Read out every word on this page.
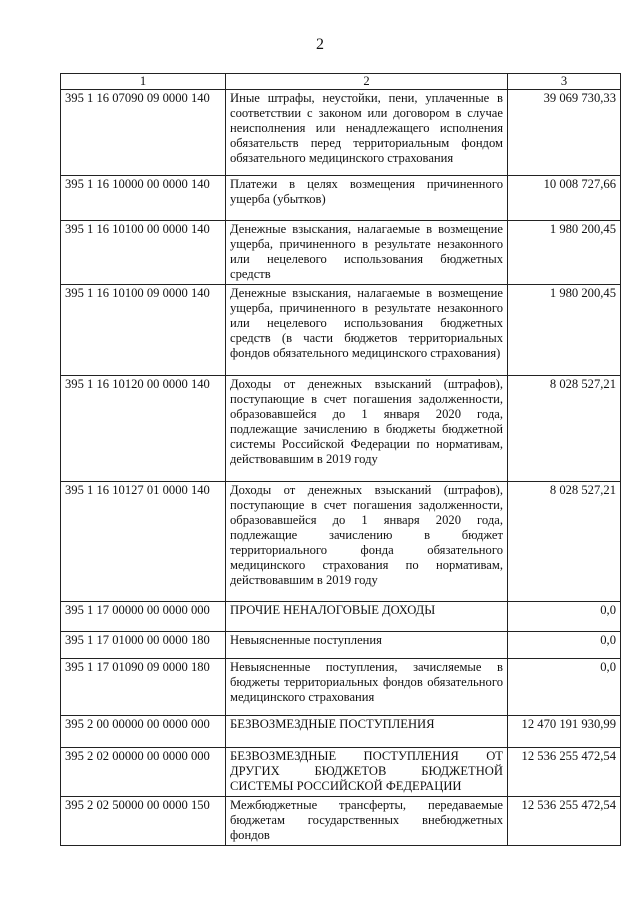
2
1	2	3
395 1 16 07090 09 0000 140	Иные штрафы, неустойки, пени, уплаченные в соответствии с законом или договором в случае неисполнения или ненадлежащего исполнения обязательств перед территориальным фондом обязательного медицинского страхования	39 069 730,33
395 1 16 10000 00 0000 140	Платежи в целях возмещения причиненного ущерба (убытков)	10 008 727,66
395 1 16 10100 00 0000 140	Денежные взыскания, налагаемые в возмещение ущерба, причиненного в результате незаконного или нецелевого использования бюджетных средств	1 980 200,45
395 1 16 10100 09 0000 140	Денежные взыскания, налагаемые в возмещение ущерба, причиненного в результате незаконного или нецелевого использования бюджетных средств (в части бюджетов территориальных фондов обязательного медицинского страхования)	1 980 200,45
395 1 16 10120 00 0000 140	Доходы от денежных взысканий (штрафов), поступающие в счет погашения задолженности, образовавшейся до 1 января 2020 года, подлежащие зачислению в бюджеты бюджетной системы Российской Федерации по нормативам, действовавшим в 2019 году	8 028 527,21
395 1 16 10127 01 0000 140	Доходы от денежных взысканий (штрафов), поступающие в счет погашения задолженности, образовавшейся до 1 января 2020 года, подлежащие зачислению в бюджет территориального фонда обязательного медицинского страхования по нормативам, действовавшим в 2019 году	8 028 527,21
395 1 17 00000 00 0000 000	ПРОЧИЕ НЕНАЛОГОВЫЕ ДОХОДЫ	0,0
395 1 17 01000 00 0000 180	Невыясненные поступления	0,0
395 1 17 01090 09 0000 180	Невыясненные поступления, зачисляемые в бюджеты территориальных фондов обязательного медицинского страхования	0,0
395 2 00 00000 00 0000 000	БЕЗВОЗМЕЗДНЫЕ ПОСТУПЛЕНИЯ	12 470 191 930,99
395 2 02 00000 00 0000 000	БЕЗВОЗМЕЗДНЫЕ ПОСТУПЛЕНИЯ ОТ ДРУГИХ БЮДЖЕТОВ БЮДЖЕТНОЙ СИСТЕМЫ РОССИЙСКОЙ ФЕДЕРАЦИИ	12 536 255 472,54
395 2 02 50000 00 0000 150	Межбюджетные трансферты, передаваемые бюджетам государственных внебюджетных фондов	12 536 255 472,54
